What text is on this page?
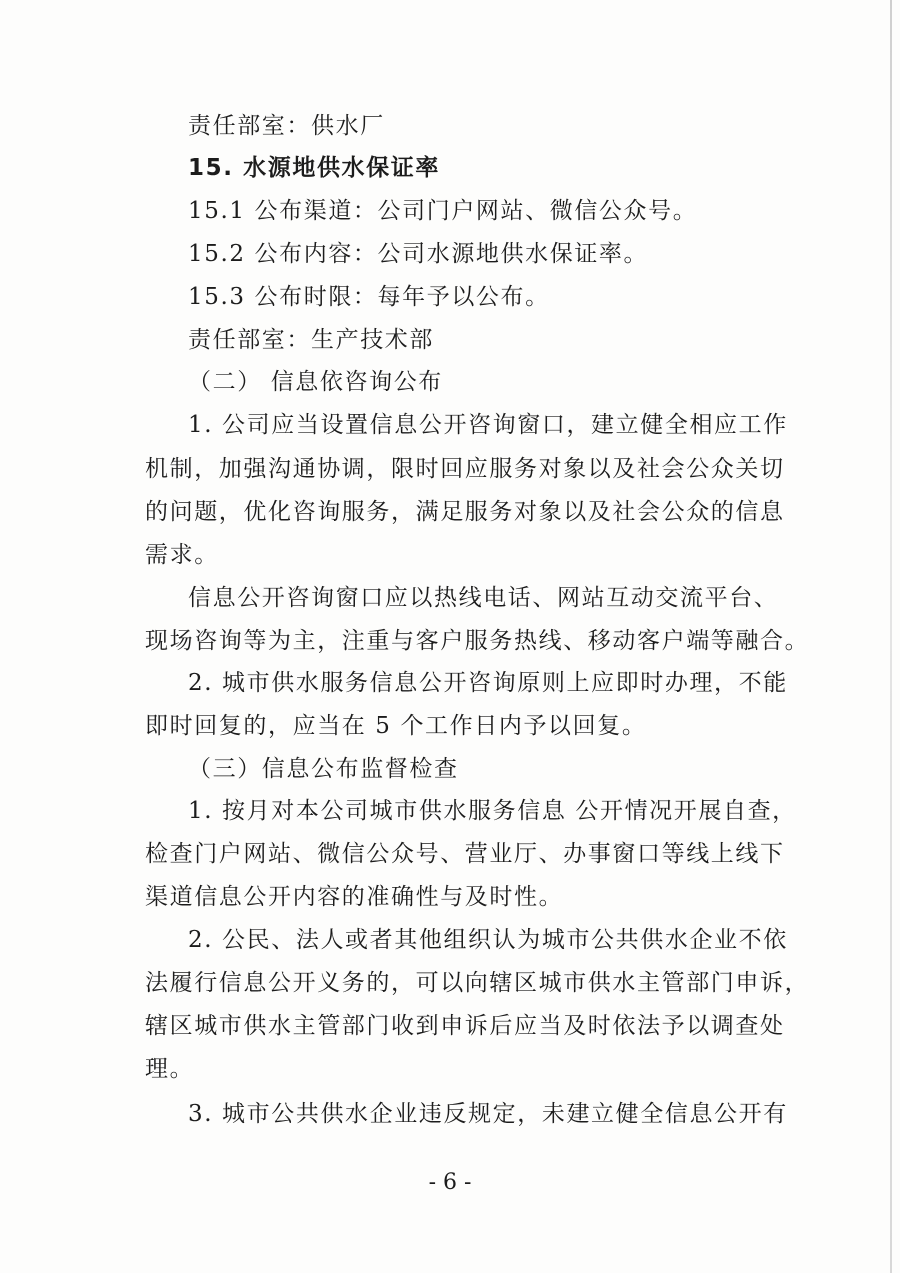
责任部室：供水厂
15. 水源地供水保证率
15.1 公布渠道：公司门户网站、微信公众号。
15.2 公布内容：公司水源地供水保证率。
15.3 公布时限：每年予以公布。
责任部室：生产技术部
（二） 信息依咨询公布
1. 公司应当设置信息公开咨询窗口，建立健全相应工作
机制，加强沟通协调，限时回应服务对象以及社会公众关切
的问题，优化咨询服务，满足服务对象以及社会公众的信息
需求。
信息公开咨询窗口应以热线电话、网站互动交流平台、
现场咨询等为主，注重与客户服务热线、移动客户端等融合。
2. 城市供水服务信息公开咨询原则上应即时办理，不能
即时回复的，应当在 5 个工作日内予以回复。
（三）信息公布监督检查
1. 按月对本公司城市供水服务信息 公开情况开展自查，
检查门户网站、微信公众号、营业厅、办事窗口等线上线下
渠道信息公开内容的准确性与及时性。
2. 公民、法人或者其他组织认为城市公共供水企业不依
法履行信息公开义务的，可以向辖区城市供水主管部门申诉，
辖区城市供水主管部门收到申诉后应当及时依法予以调查处
理。
3. 城市公共供水企业违反规定，未建立健全信息公开有
- 6 -
